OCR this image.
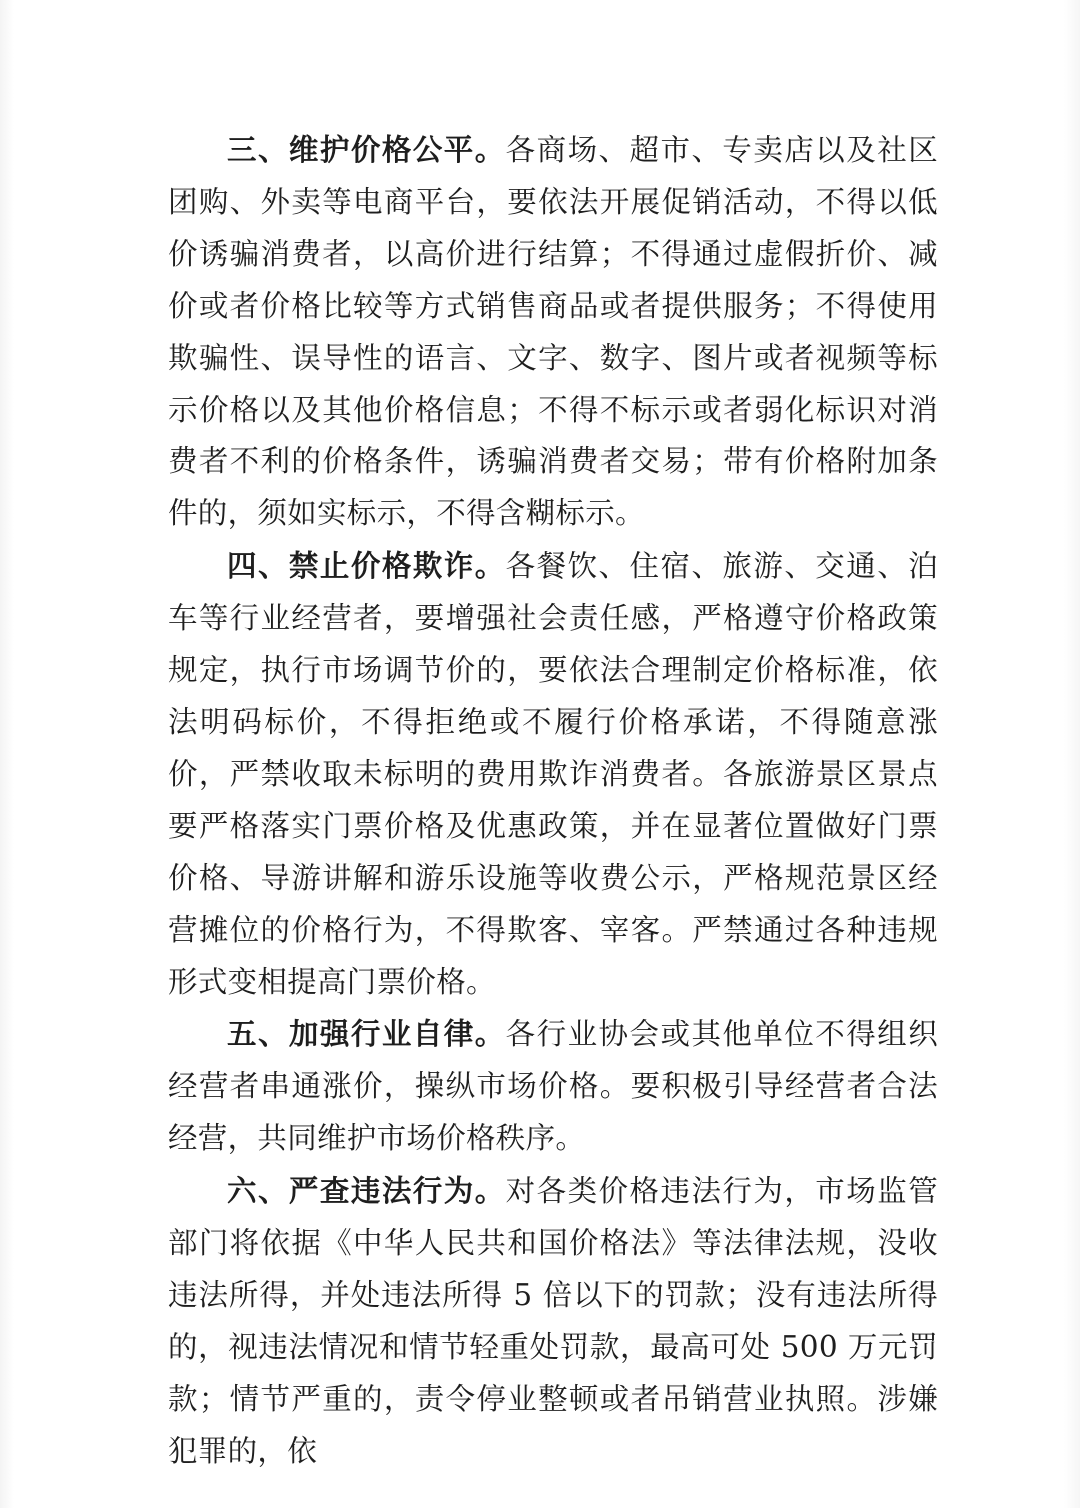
三、维护价格公平。各商场、超市、专卖店以及社区团购、外卖等电商平台，要依法开展促销活动，不得以低价诱骗消费者，以高价进行结算；不得通过虚假折价、减价或者价格比较等方式销售商品或者提供服务；不得使用欺骗性、误导性的语言、文字、数字、图片或者视频等标示价格以及其他价格信息；不得不标示或者弱化标识对消费者不利的价格条件，诱骗消费者交易；带有价格附加条件的，须如实标示，不得含糊标示。

四、禁止价格欺诈。各餐饮、住宿、旅游、交通、泊车等行业经营者，要增强社会责任感，严格遵守价格政策规定，执行市场调节价的，要依法合理制定价格标准，依法明码标价，不得拒绝或不履行价格承诺，不得随意涨价，严禁收取未标明的费用欺诈消费者。各旅游景区景点要严格落实门票价格及优惠政策，并在显著位置做好门票价格、导游讲解和游乐设施等收费公示，严格规范景区经营摊位的价格行为，不得欺客、宰客。严禁通过各种违规形式变相提高门票价格。

五、加强行业自律。各行业协会或其他单位不得组织经营者串通涨价，操纵市场价格。要积极引导经营者合法经营，共同维护市场价格秩序。

六、严查违法行为。对各类价格违法行为，市场监管部门将依据《中华人民共和国价格法》等法律法规，没收违法所得，并处违法所得 5 倍以下的罚款；没有违法所得的，视违法情况和情节轻重处罚款，最高可处 500 万元罚款；情节严重的，责令停业整顿或者吊销营业执照。涉嫌犯罪的，依
